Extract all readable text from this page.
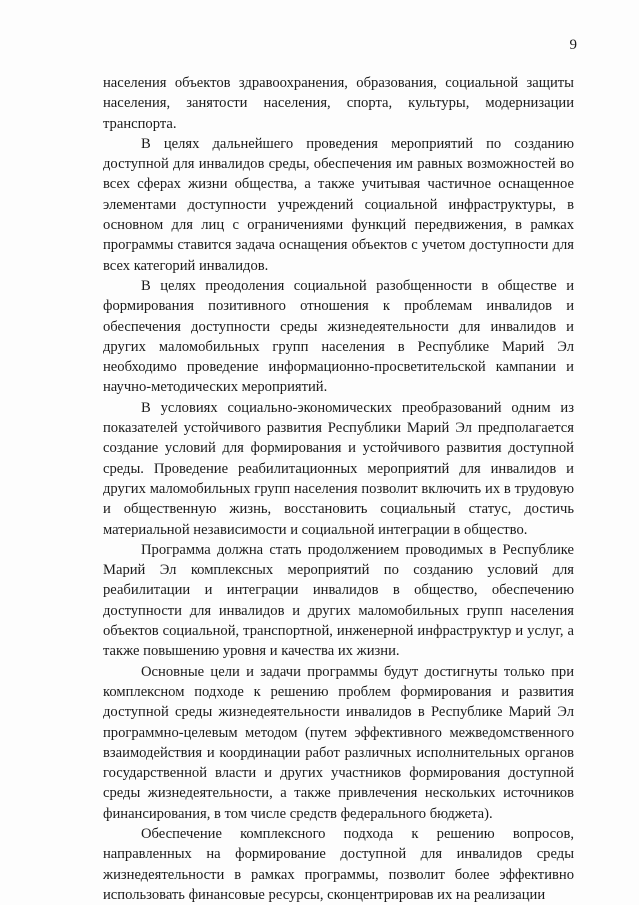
9

населения объектов здравоохранения, образования, социальной защиты населения, занятости населения, спорта, культуры, модернизации транспорта.

В целях дальнейшего проведения мероприятий по созданию доступной для инвалидов среды, обеспечения им равных возможностей во всех сферах жизни общества, а также учитывая частичное оснащенное элементами доступности учреждений социальной инфраструктуры, в основном для лиц с ограничениями функций передвижения, в рамках программы ставится задача оснащения объектов с учетом доступности для всех категорий инвалидов.

В целях преодоления социальной разобщенности в обществе и формирования позитивного отношения к проблемам инвалидов и обеспечения доступности среды жизнедеятельности для инвалидов и других маломобильных групп населения в Республике Марий Эл необходимо проведение информационно-просветительской кампании и научно-методических мероприятий.

В условиях социально-экономических преобразований одним из показателей устойчивого развития Республики Марий Эл предполагается создание условий для формирования и устойчивого развития доступной среды. Проведение реабилитационных мероприятий для инвалидов и других маломобильных групп населения позволит включить их в трудовую и общественную жизнь, восстановить социальный статус, достичь материальной независимости и социальной интеграции в общество.

Программа должна стать продолжением проводимых в Республике Марий Эл комплексных мероприятий по созданию условий для реабилитации и интеграции инвалидов в общество, обеспечению доступности для инвалидов и других маломобильных групп населения объектов социальной, транспортной, инженерной инфраструктур и услуг, а также повышению уровня и качества их жизни.

Основные цели и задачи программы будут достигнуты только при комплексном подходе к решению проблем формирования и развития доступной среды жизнедеятельности инвалидов в Республике Марий Эл программно-целевым методом (путем эффективного межведомственного взаимодействия и координации работ различных исполнительных органов государственной власти и других участников формирования доступной среды жизнедеятельности, а также привлечения нескольких источников финансирования, в том числе средств федерального бюджета).

Обеспечение комплексного подхода к решению вопросов, направленных на формирование доступной для инвалидов среды жизнедеятельности в рамках программы, позволит более эффективно использовать финансовые ресурсы, сконцентрировав их на реализации
